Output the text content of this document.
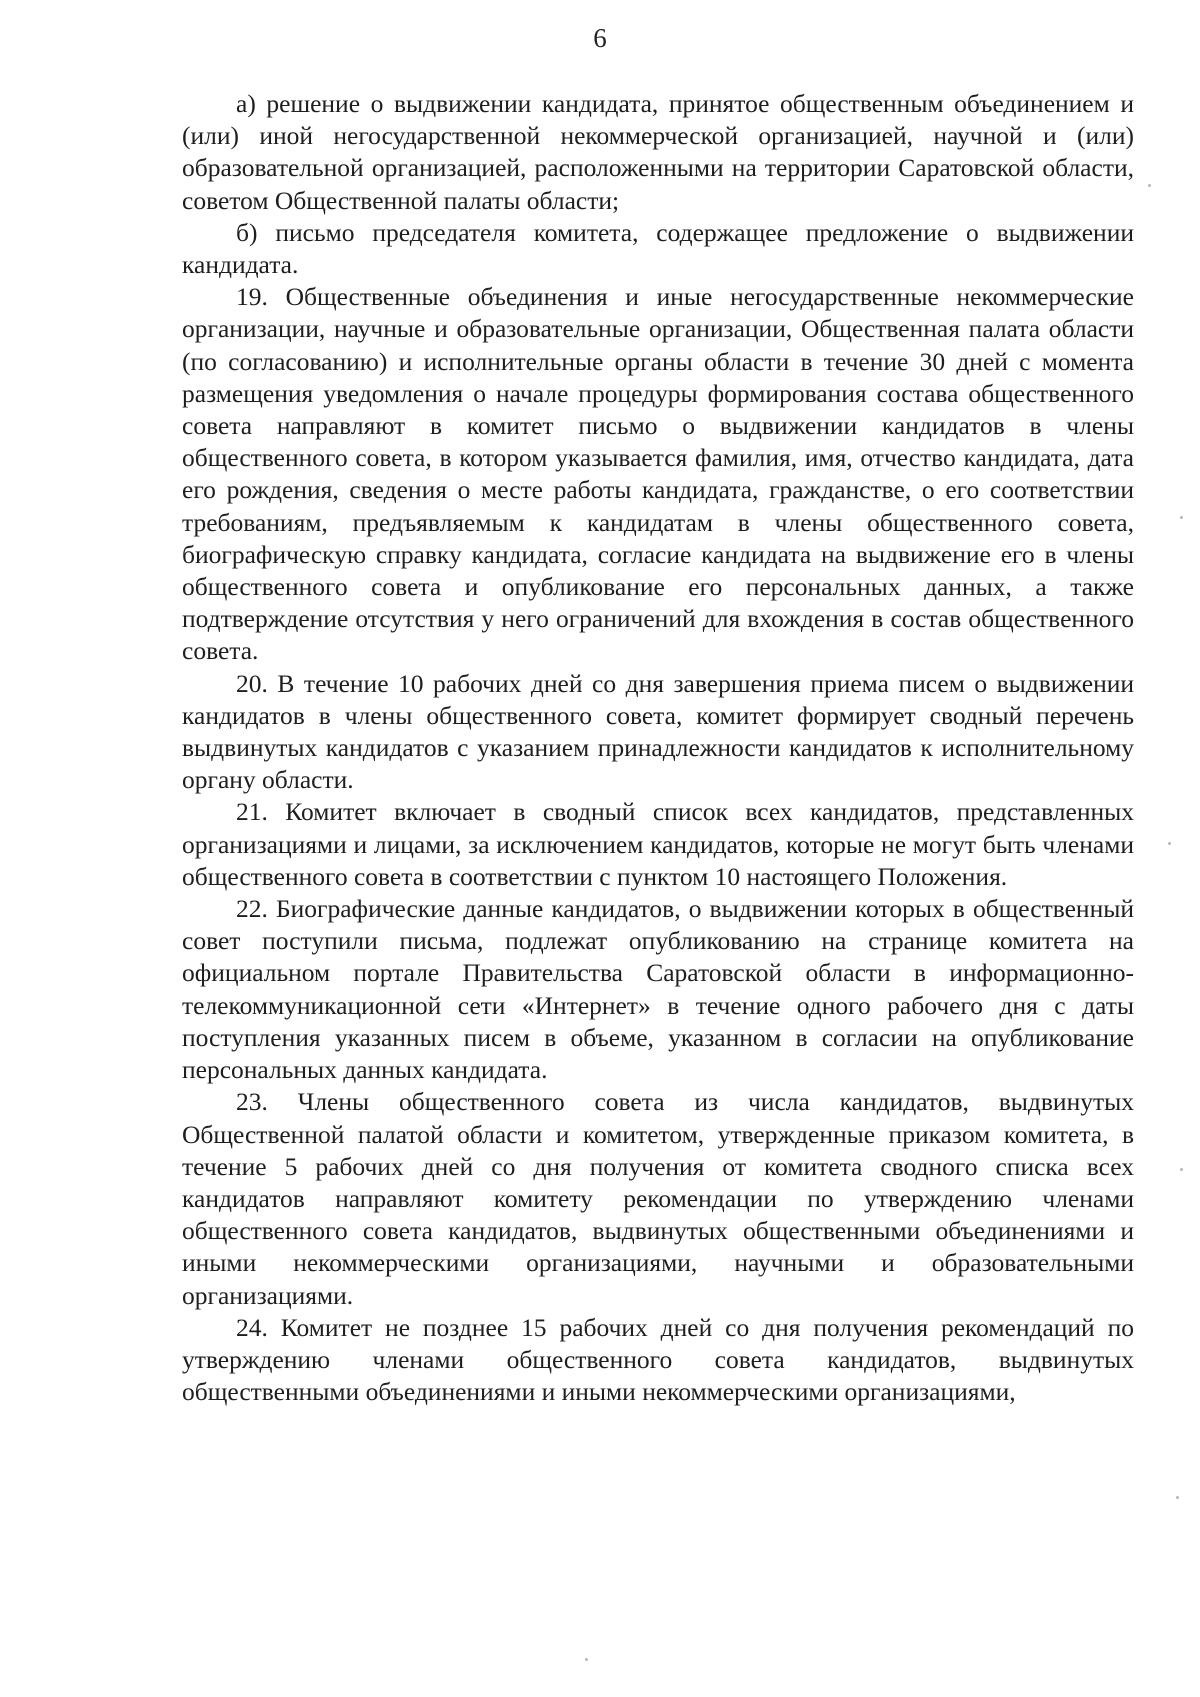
6

а) решение о выдвижении кандидата, принятое общественным объединением и (или) иной негосударственной некоммерческой организацией, научной и (или) образовательной организацией, расположенными на территории Саратовской области, советом Общественной палаты области;

б) письмо председателя комитета, содержащее предложение о выдвижении кандидата.

19. Общественные объединения и иные негосударственные некоммерческие организации, научные и образовательные организации, Общественная палата области (по согласованию) и исполнительные органы области в течение 30 дней с момента размещения уведомления о начале процедуры формирования состава общественного совета направляют в комитет письмо о выдвижении кандидатов в члены общественного совета, в котором указывается фамилия, имя, отчество кандидата, дата его рождения, сведения о месте работы кандидата, гражданстве, о его соответствии требованиям, предъявляемым к кандидатам в члены общественного совета, биографическую справку кандидата, согласие кандидата на выдвижение его в члены общественного совета и опубликование его персональных данных, а также подтверждение отсутствия у него ограничений для вхождения в состав общественного совета.

20. В течение 10 рабочих дней со дня завершения приема писем о выдвижении кандидатов в члены общественного совета, комитет формирует сводный перечень выдвинутых кандидатов с указанием принадлежности кандидатов к исполнительному органу области.

21. Комитет включает в сводный список всех кандидатов, представленных организациями и лицами, за исключением кандидатов, которые не могут быть членами общественного совета в соответствии с пунктом 10 настоящего Положения.

22. Биографические данные кандидатов, о выдвижении которых в общественный совет поступили письма, подлежат опубликованию на странице комитета на официальном портале Правительства Саратовской области в информационно-телекоммуникационной сети «Интернет» в течение одного рабочего дня с даты поступления указанных писем в объеме, указанном в согласии на опубликование персональных данных кандидата.

23. Члены общественного совета из числа кандидатов, выдвинутых Общественной палатой области и комитетом, утвержденные приказом комитета, в течение 5 рабочих дней со дня получения от комитета сводного списка всех кандидатов направляют комитету рекомендации по утверждению членами общественного совета кандидатов, выдвинутых общественными объединениями и иными некоммерческими организациями, научными и образовательными организациями.

24. Комитет не позднее 15 рабочих дней со дня получения рекомендаций по утверждению членами общественного совета кандидатов, выдвинутых общественными объединениями и иными некоммерческими организациями,
